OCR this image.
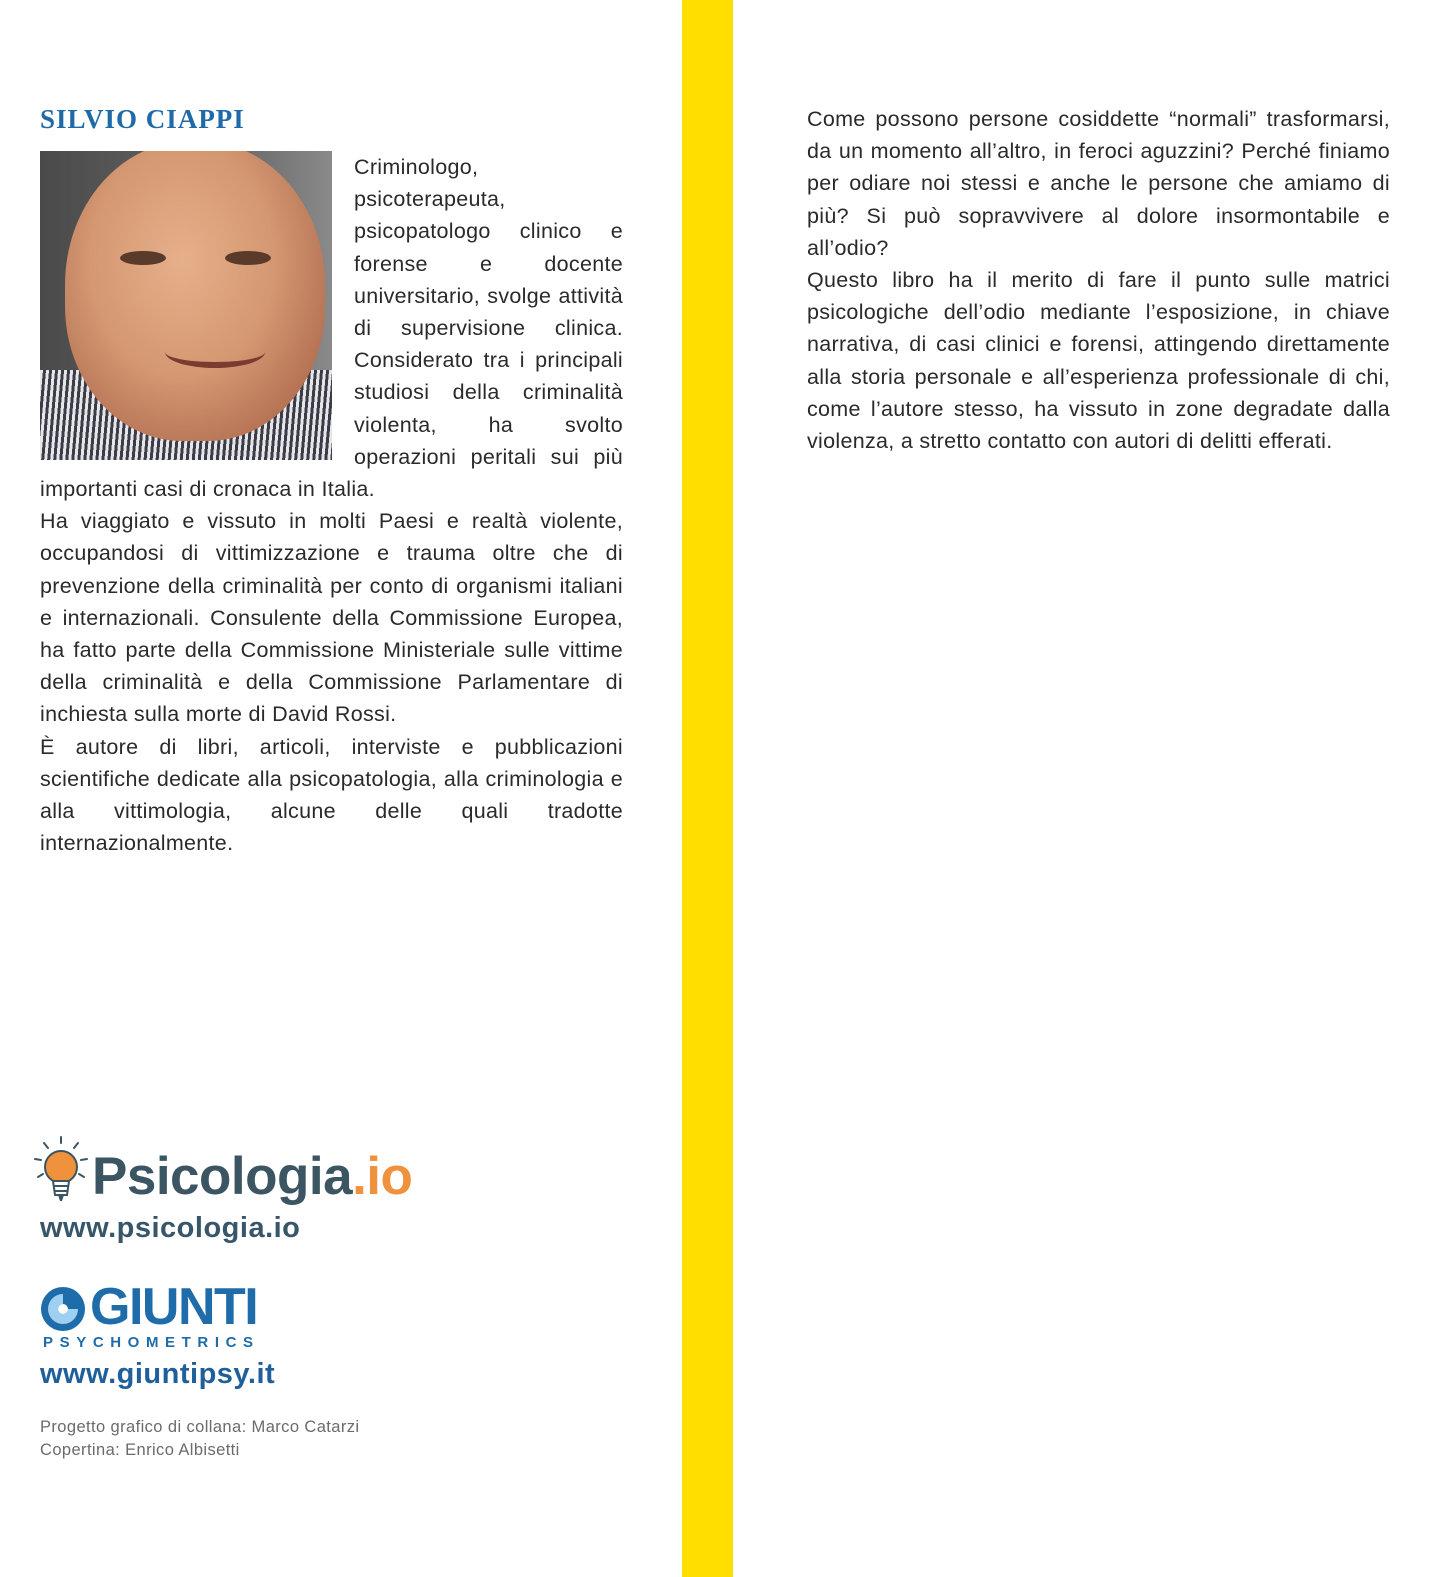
SILVIO CIAPPI

Criminologo, psicoterapeuta, psicopatologo clinico e forense e docente universitario, svolge attività di supervisione clinica. Considerato tra i principali studiosi della criminalità violenta, ha svolto operazioni peritali sui più importanti casi di cronaca in Italia.

Ha viaggiato e vissuto in molti Paesi e realtà violente, occupandosi di vittimizzazione e trauma oltre che di prevenzione della criminalità per conto di organismi italiani e internazionali. Consulente della Commissione Europea, ha fatto parte della Commissione Ministeriale sulle vittime della criminalità e della Commissione Parlamentare di inchiesta sulla morte di David Rossi.

È autore di libri, articoli, interviste e pubblicazioni scientifiche dedicate alla psicopatologia, alla criminologia e alla vittimologia, alcune delle quali tradotte internazionalmente.

Come possono persone cosiddette “normali” trasformarsi, da un momento all’altro, in feroci aguzzini? Perché finiamo per odiare noi stessi e anche le persone che amiamo di più? Si può sopravvivere al dolore insormontabile e all’odio?

Questo libro ha il merito di fare il punto sulle matrici psicologiche dell’odio mediante l’esposizione, in chiave narrativa, di casi clinici e forensi, attingendo direttamente alla storia personale e all’esperienza professionale di chi, come l’autore stesso, ha vissuto in zone degradate dalla violenza, a stretto contatto con autori di delitti efferati.

Psicologia.io
www.psicologia.io
GIUNTI
PSYCHOMETRICS
www.giuntipsy.it
Progetto grafico di collana: Marco Catarzi
Copertina: Enrico Albisetti
